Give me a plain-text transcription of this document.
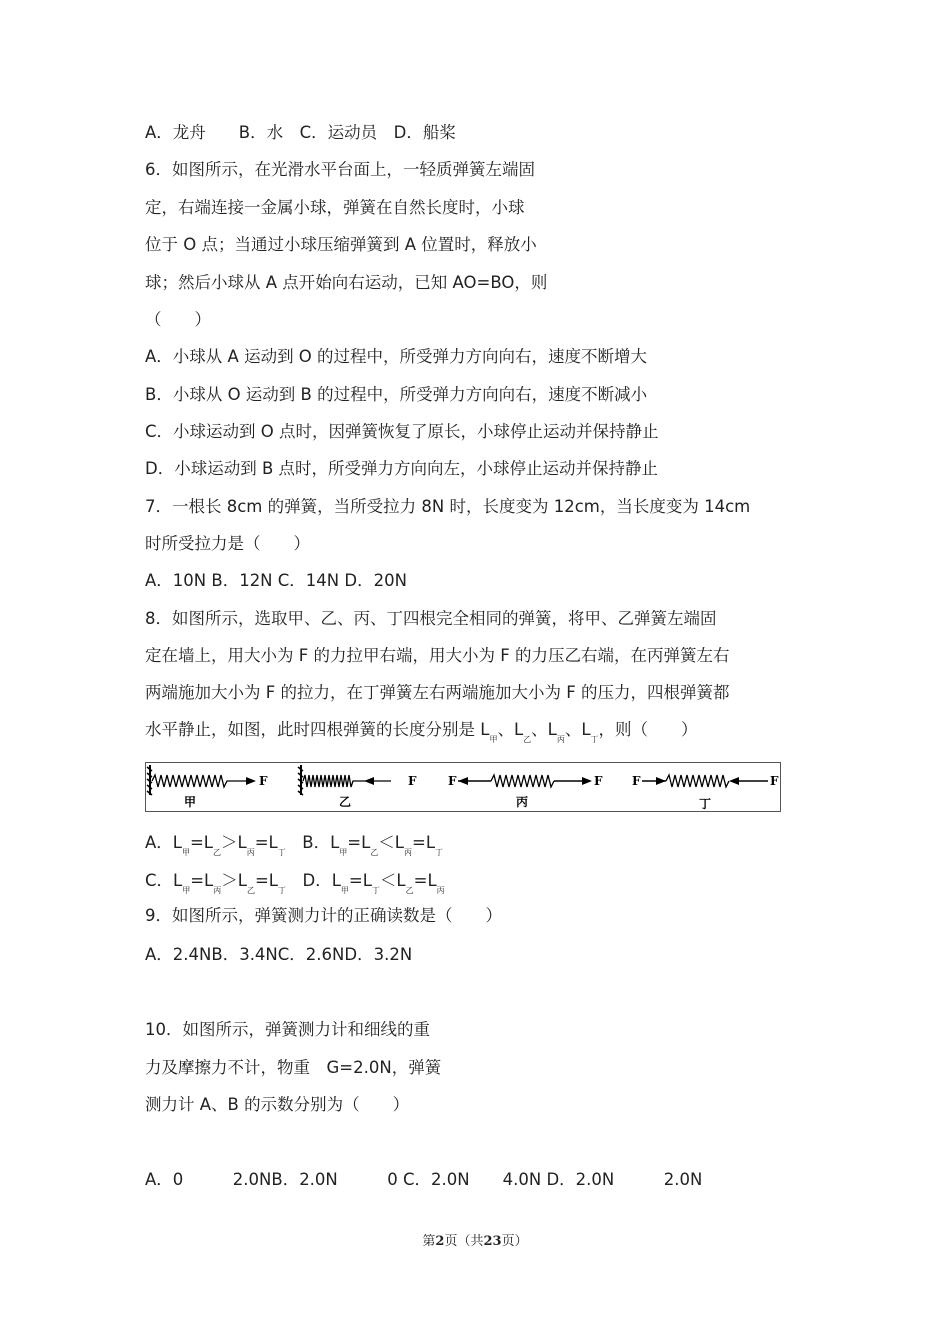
A．龙舟　　B．水　C．运动员　D．船桨
6．如图所示，在光滑水平台面上，一轻质弹簧左端固
定，右端连接一金属小球，弹簧在自然长度时，小球
位于 O 点；当通过小球压缩弹簧到 A 位置时，释放小
球；然后小球从 A 点开始向右运动，已知 AO=BO，则
（　　）
A．小球从 A 运动到 O 的过程中，所受弹力方向向右，速度不断增大
B．小球从 O 运动到 B 的过程中，所受弹力方向向右，速度不断减小
C．小球运动到 O 点时，因弹簧恢复了原长，小球停止运动并保持静止
D．小球运动到 B 点时，所受弹力方向向左，小球停止运动并保持静止
7．一根长 8cm 的弹簧，当所受拉力 8N 时，长度变为 12cm，当长度变为 14cm
时所受拉力是（　　）
A．10N B．12N C．14N D．20N
8．如图所示，选取甲、乙、丙、丁四根完全相同的弹簧，将甲、乙弹簧左端固
定在墙上，用大小为 F 的力拉甲右端，用大小为 F 的力压乙右端，在丙弹簧左右
两端施加大小为 F 的拉力，在丁弹簧左右两端施加大小为 F 的压力，四根弹簧都
水平静止，如图，此时四根弹簧的长度分别是 $L_甲$、$L_乙$、$L_丙$、$L_丁$，则（　　）
F	F	F	F F	F
甲	乙	丙	丁
A．$L_甲=L_乙>L_丙=L_丁$　B．$L_甲=L_乙<L_丙=L_丁$
C．$L_甲=L_丙>L_乙=L_丁$　D．$L_甲=L_丁<L_乙=L_丙$
9．如图所示，弹簧测力计的正确读数是（　　）
A．2.4NB．3.4NC．2.6ND．3.2N
10．如图所示，弹簧测力计和细线的重
力及摩擦力不计，物重　G=2.0N，弹簧
测力计 A、B 的示数分别为（　　）
A．0　　　2.0NB．2.0N　　　0 C．2.0N　　4.0N D．2.0N　　　2.0N
第2页（共23页）
